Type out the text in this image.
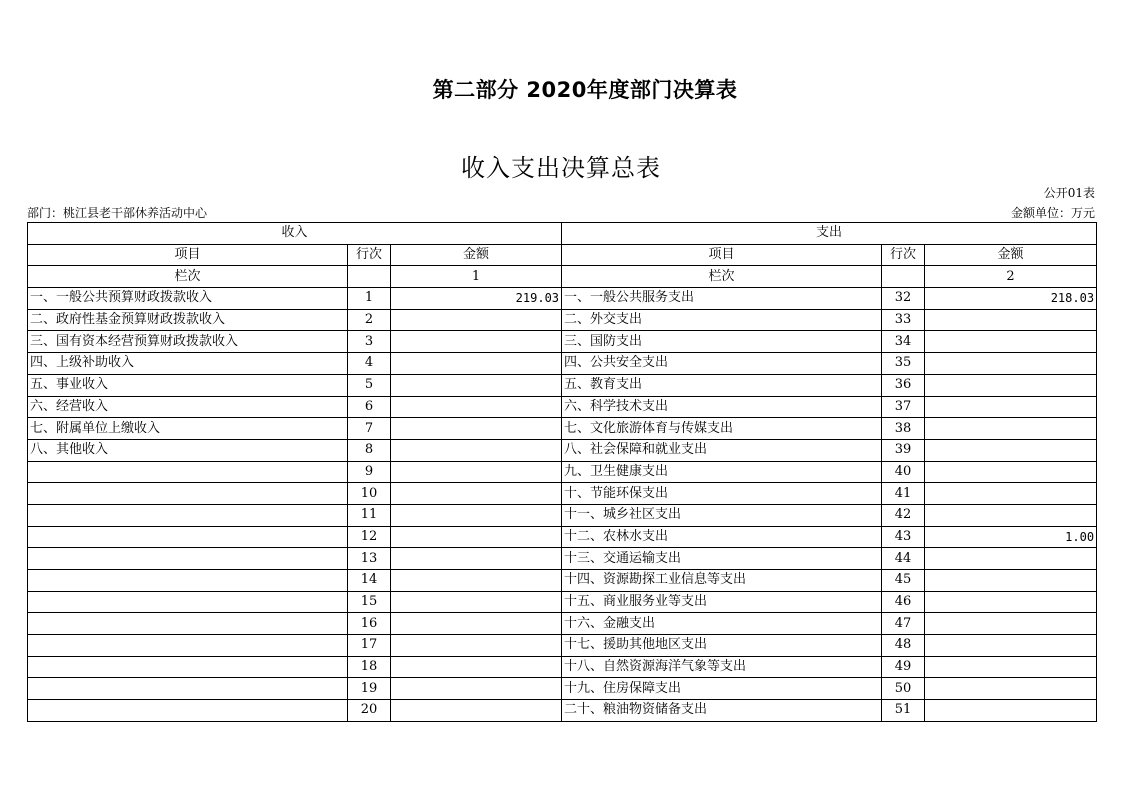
第二部分 2020年度部门决算表
收入支出决算总表
公开01表
部门：桃江县老干部休养活动中心	金额单位：万元
收入			支出		
项目	行次	金额	项目	行次	金额
栏次		1	栏次		2
一、一般公共预算财政拨款收入	1	219.03	一、一般公共服务支出	32	218.03
二、政府性基金预算财政拨款收入	2		二、外交支出	33	
三、国有资本经营预算财政拨款收入	3		三、国防支出	34	
四、上级补助收入	4		四、公共安全支出	35	
五、事业收入	5		五、教育支出	36	
六、经营收入	6		六、科学技术支出	37	
七、附属单位上缴收入	7		七、文化旅游体育与传媒支出	38	
八、其他收入	8		八、社会保障和就业支出	39	
	9		九、卫生健康支出	40	
	10		十、节能环保支出	41	
	11		十一、城乡社区支出	42	
	12		十二、农林水支出	43	1.00
	13		十三、交通运输支出	44	
	14		十四、资源勘探工业信息等支出	45	
	15		十五、商业服务业等支出	46	
	16		十六、金融支出	47	
	17		十七、援助其他地区支出	48	
	18		十八、自然资源海洋气象等支出	49	
	19		十九、住房保障支出	50	
	20		二十、粮油物资储备支出	51	
